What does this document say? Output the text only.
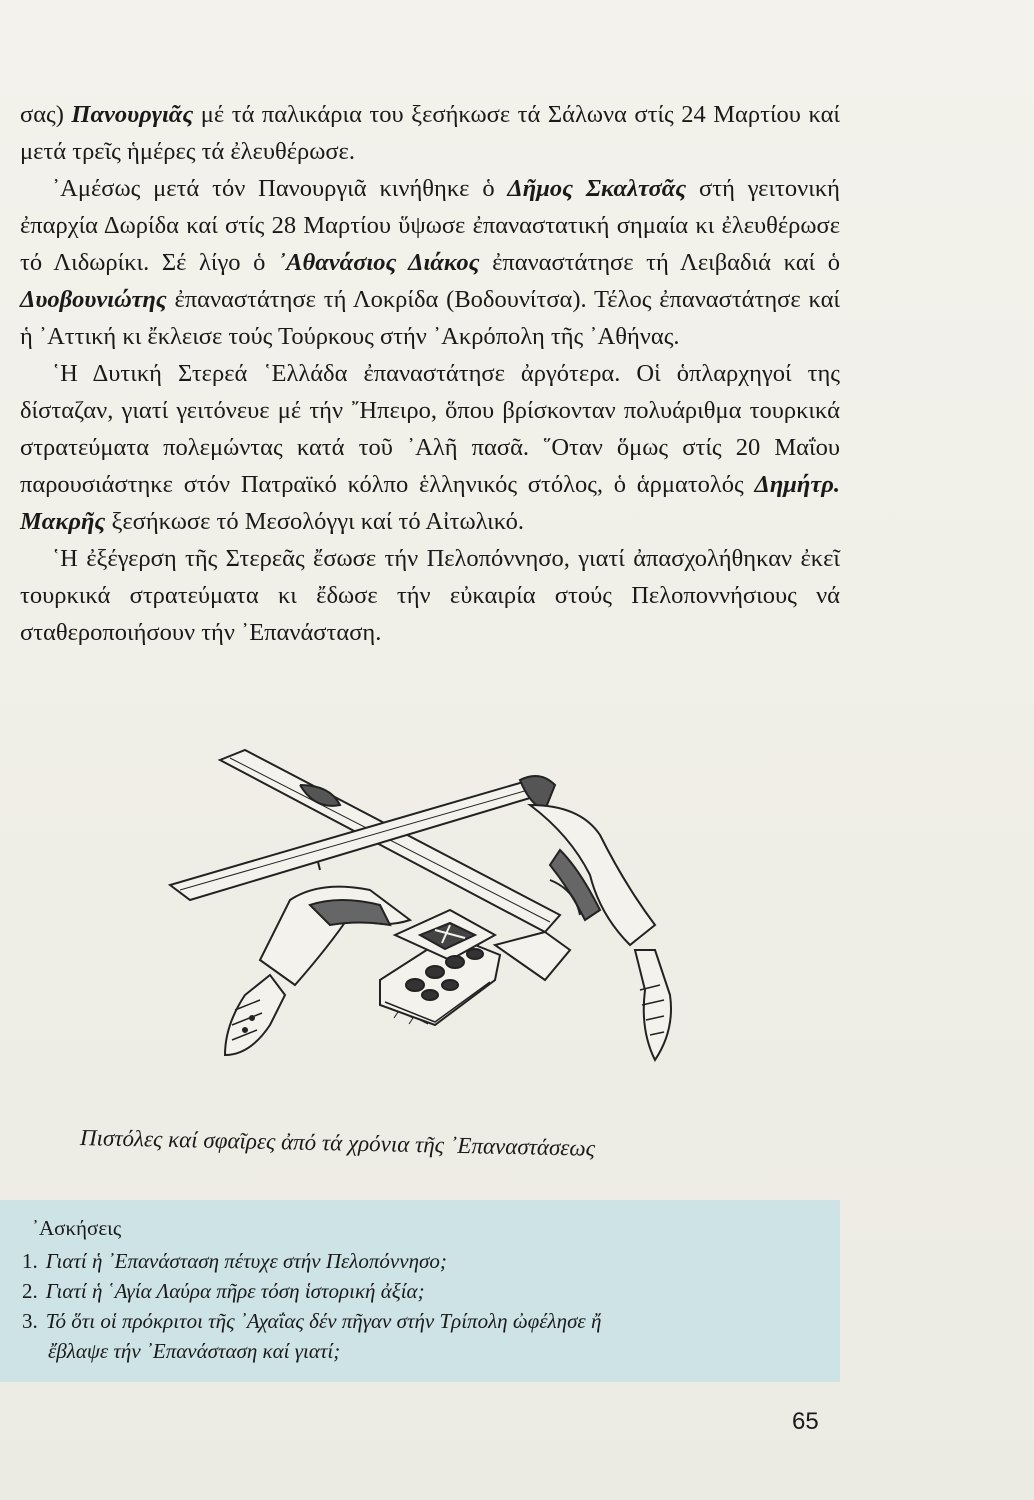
σας) Πανουργιᾶς μέ τά παλικάρια του ξεσήκωσε τά Σάλωνα στίς 24 Μαρτίου καί μετά τρεῖς ἡμέρες τά ἐλευθέρωσε.

᾿Αμέσως μετά τόν Πανουργιᾶ κινήθηκε ὁ Δῆμος Σκαλτσᾶς στή γειτονική ἐπαρχία Δωρίδα καί στίς 28 Μαρτίου ὕψωσε ἐπαναστατική σημαία κι ἐλευθέρωσε τό Λιδωρίκι. Σέ λίγο ὁ ᾿Αθανάσιος Διάκος ἐπαναστάτησε τή Λειβαδιά καί ὁ Δυοβουνιώτης ἐπαναστάτησε τή Λοκρίδα (Βοδουνίτσα). Τέλος ἐπαναστάτησε καί ἡ ᾿Αττική κι ἔκλεισε τούς Τούρκους στήν ᾿Ακρόπολη τῆς ᾿Αθήνας.

῾Η Δυτική Στερεά ῾Ελλάδα ἐπαναστάτησε ἀργότερα. Οἱ ὁπλαρχηγοί της δίσταζαν, γιατί γειτόνευε μέ τήν ῎Ηπειρο, ὅπου βρίσκονταν πολυάριθμα τουρκικά στρατεύματα πολεμώντας κατά τοῦ ᾿Αλῆ πασᾶ. ῞Οταν ὅμως στίς 20 Μαΐου παρουσιάστηκε στόν Πατραϊκό κόλπο ἑλληνικός στόλος, ὁ ἁρματολός Δημήτρ. Μακρῆς ξεσήκωσε τό Μεσολόγγι καί τό Αἰτωλικό.

῾Η ἐξέγερση τῆς Στερεᾶς ἔσωσε τήν Πελοπόννησο, γιατί ἀπασχολήθηκαν ἐκεῖ τουρκικά στρατεύματα κι ἔδωσε τήν εὐκαιρία στούς Πελοποννήσιους νά σταθεροποιήσουν τήν ᾿Επανάσταση.

Πιστόλες καί σφαῖρες ἀπό τά χρόνια τῆς ᾿Επαναστάσεως
᾿Ασκήσεις
1. Γιατί ἡ ᾿Επανάσταση πέτυχε στήν Πελοπόννησο;
2. Γιατί ἡ ῾Αγία Λαύρα πῆρε τόση ἱστορική ἀξία;
3. Τό ὅτι οἱ πρόκριτοι τῆς ᾿Αχαΐας δέν πῆγαν στήν Τρίπολη ὠφέλησε ἤ
ἔβλαψε τήν ᾿Επανάσταση καί γιατί;
65
